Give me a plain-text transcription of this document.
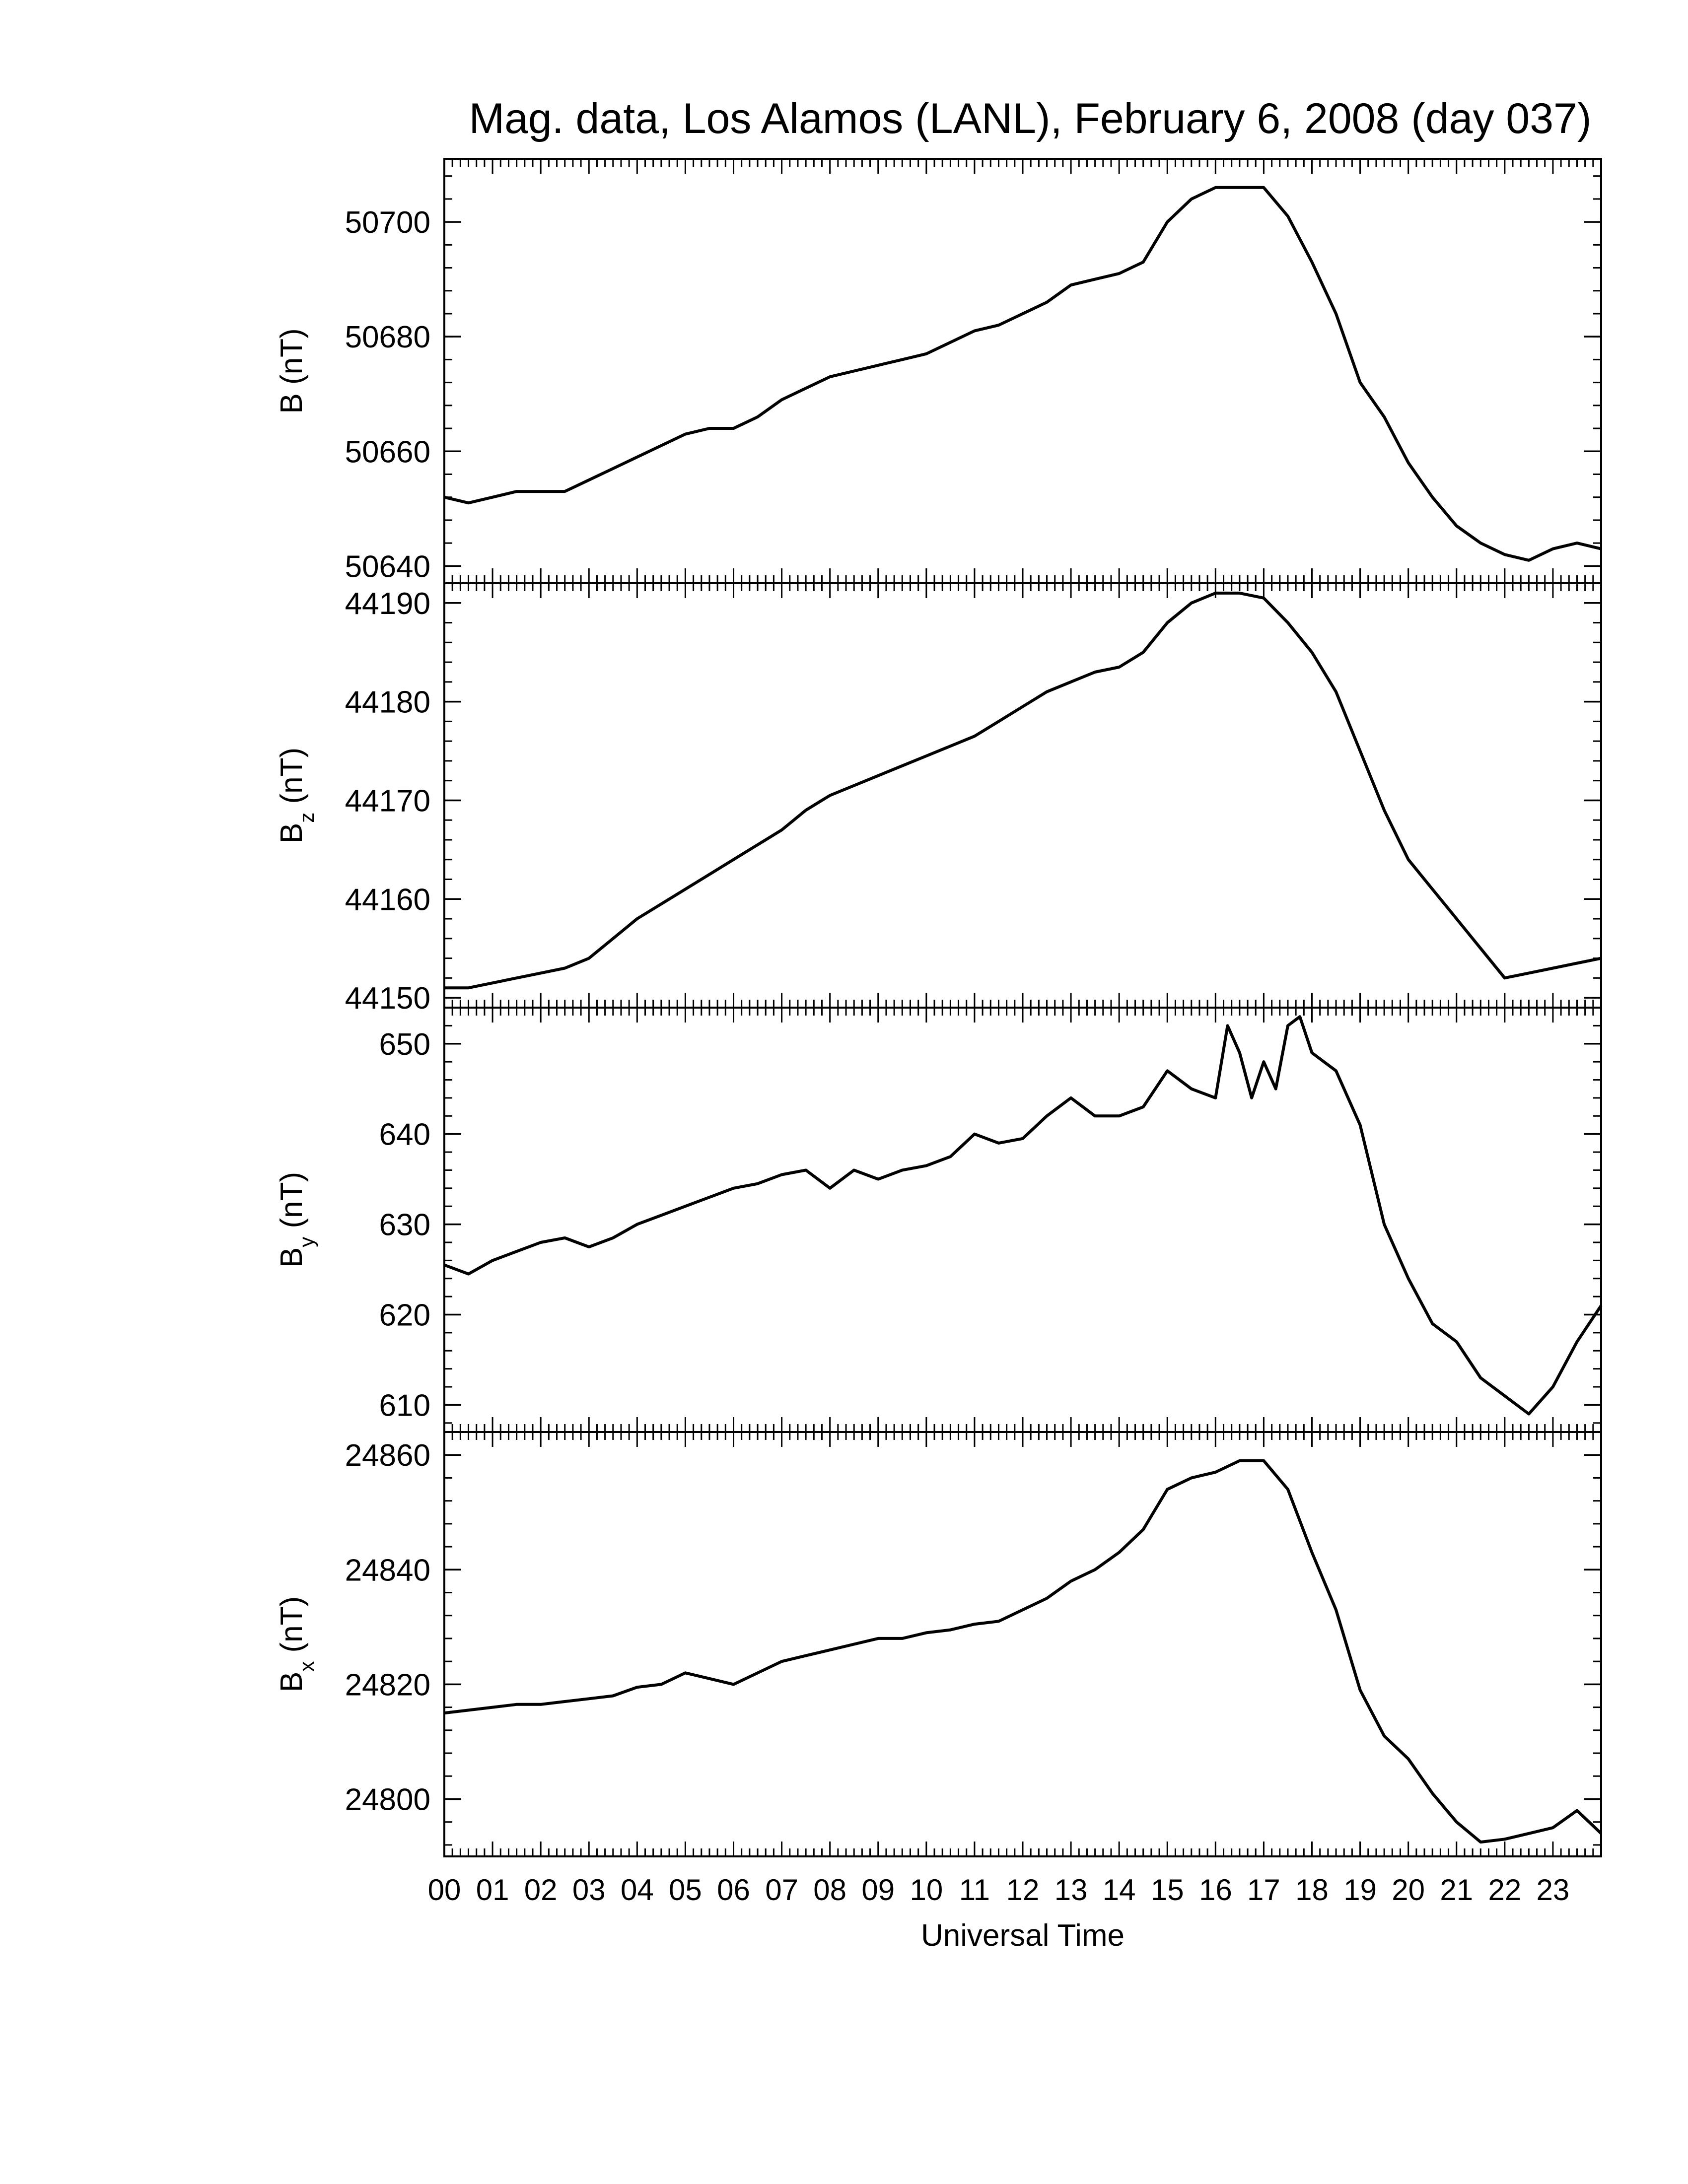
Mag. data, Los Alamos (LANL), February 6, 2008 (day 037)
50640
50660
50680
50700
B (nT)
44150
44160
44170
44180
44190
$B_z$ (nT)
610
620
630
640
650
$B_y$ (nT)
24800
24820
24840
24860
$B_x$ (nT)
00 01 02 03 04 05 06 07 08 09 10 11 12 13 14 15 16 17 18 19 20 21 22 23
Universal Time
